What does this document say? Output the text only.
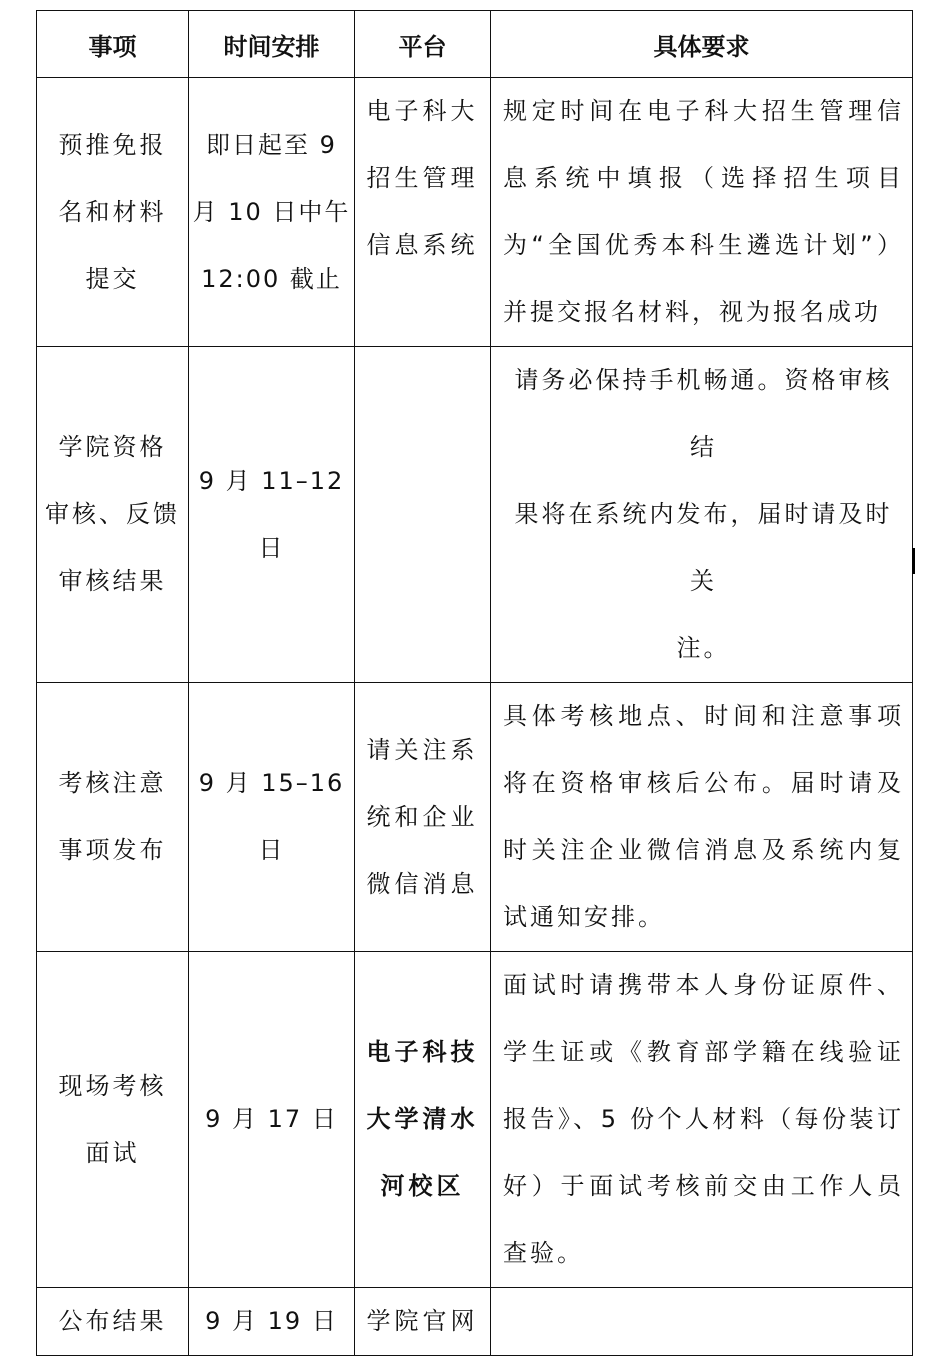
事项	时间安排	平台	具体要求

预推免报
名和材料
提交	即日起至 9
月 10 日中午
12:00 截止	电子科大
招生管理
信息系统	规定时间在电子科大招生管理信息系统中填报（选择招生项目为“全国优秀本科生遴选计划”）并提交报名材料，视为报名成功

学院资格
审核、反馈
审核结果	9 月 11–12 日		请务必保持手机畅通。资格审核结
果将在系统内发布，届时请及时关
注。

考核注意
事项发布	9 月 15–16 日	请关注系
统和企业
微信消息	具体考核地点、时间和注意事项将在资格审核后公布。届时请及时关注企业微信消息及系统内复试通知安排。

现场考核
面试	9 月 17 日	电子科技
大学清水
河校区	面试时请携带本人身份证原件、学生证或《教育部学籍在线验证报告》、5 份个人材料（每份装订好）于面试考核前交由工作人员查验。

公布结果	9 月 19 日	学院官网	
